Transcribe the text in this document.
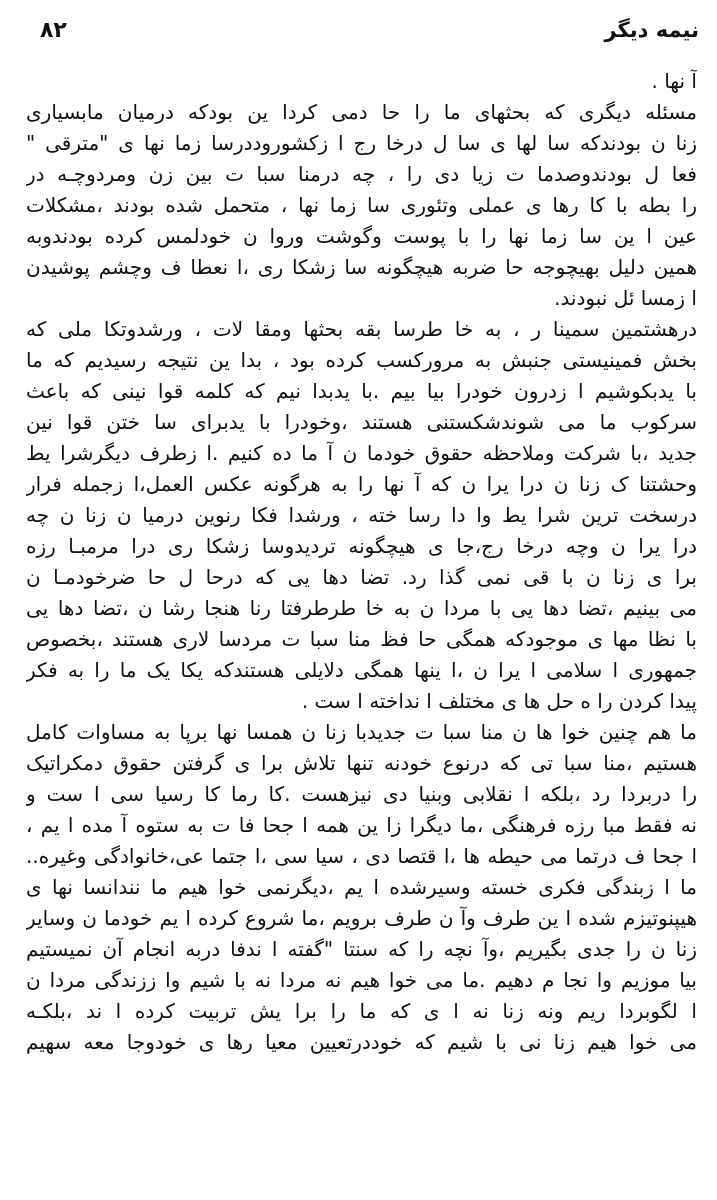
نیمه دیگر
۸۲
آ نها .
مسئله دیگری که بحثهای ما را حا دمی کردا ین بودکه درمیان مابسیاری
زنا ن بودندکه سا لها ی سا ل درخا رج ا زکشوروددرسا زما نها ی "مترقی "
فعا ل بودندوصدما ت زیا دی را ، چه درمنا سبا ت بین زن ومردوچـه در
را بطه با کا رها ی عملی وتئوری سا زما نها ، متحمل شده بودند ،مشکلات
عین ا ین سا زما نها را با پوست وگوشت وروا ن خودلمس کرده بودندوبه
همین دلیل بهیچوجه حا ضربه هیچگونه سا زشکا ری ،ا نعطا ف وچشم پوشیدن
ا زمسا ئل نبودند.
درهشتمین سمینا ر ، به خا طرسا بقه بحثها ومقا لات ، ورشدوتکا ملی که
بخش فمینیستی جنبش به مرورکسب کرده بود ، بدا ین نتیجه رسیدیم که ما
با یدبکوشیم ا زدرون خودرا بیا بیم .با یدبدا نیم که کلمه قوا نینی که باعث
سرکوب ما می شوندشکستنی هستند ،وخودرا با یدبرای سا ختن قوا نین
جدید ،با شرکت وملاحظه حقوق خودما ن آ ما ده کنیم .ا زطرف دیگرشرا یط
وحشتنا ک زنا ن درا یرا ن که آ نها را به هرگونه عکس العمل،ا زجمله فرار
درسخت ترین شرا یط وا دا رسا خته ، ورشدا فکا رنوین درمیا ن زنا ن چه
درا یرا ن وچه درخا رج،جا ی هیچگونه تردیدوسا زشکا ری درا مرمبـا رزه
برا ی زنا ن با قی نمی گذا رد. تضا دها یی که درحا ل حا ضرخودمـا ن
می بینیم ،تضا دها یی با مردا ن به خا طرطرفتا رنا هنجا رشا ن ،تضا دها یی
با نظا مها ی موجودکه همگی حا فظ منا سبا ت مردسا لاری هستند ،بخصوص
جمهوری ا سلامی ا یرا ن ،ا ینها همگی دلایلی هستندکه یکا یک ما را به فکر
پیدا کردن را ه حل ها ی مختلف ا نداخته ا ست .
ما هم چنین خوا ها ن منا سبا ت جدیدبا زنا ن همسا نها برپا به مساوات کامل
هستیم ،منا سبا تی که درنوع خودنه تنها تلاش برا ی گرفتن حقوق دمکراتیک
را دربردا رد ،بلکه ا نقلابی وبنیا دی نیزهست .کا رما کا رسیا سی ا ست و
نه فقط مبا رزه فرهنگی ،ما دیگرا زا ین همه ا جحا فا ت به ستوه آ مده ا یم ،
ا جحا ف درتما می حیطه ها ،ا قتصا دی ، سیا سی ،ا جتما عی،خانوادگی وغیره..
ما ا زبندگی فکری خسته وسیرشده ا یم ،دیگرنمی خوا هیم ما نندانسا نها ی
هیپنوتیزم شده ا ین طرف وآ ن طرف برویم ،ما شروع کرده ا یم خودما ن وسایر
زنا ن را جدی بگیریم ،وآ نچه را که سنتا "گفته ا ندفا دربه انجام آن نمیستیم
بیا موزیم وا نجا م دهیم .ما می خوا هیم نه مردا نه با شیم وا ززندگی مردا ن
ا لگوبردا ریم ونه زنا نه ا ی که ما را برا یش تربیت کرده ا ند ،بلکـه
می خوا هیم زنا نی با شیم که خوددرتعیین معیا رها ی خودوجا معه سهیم
